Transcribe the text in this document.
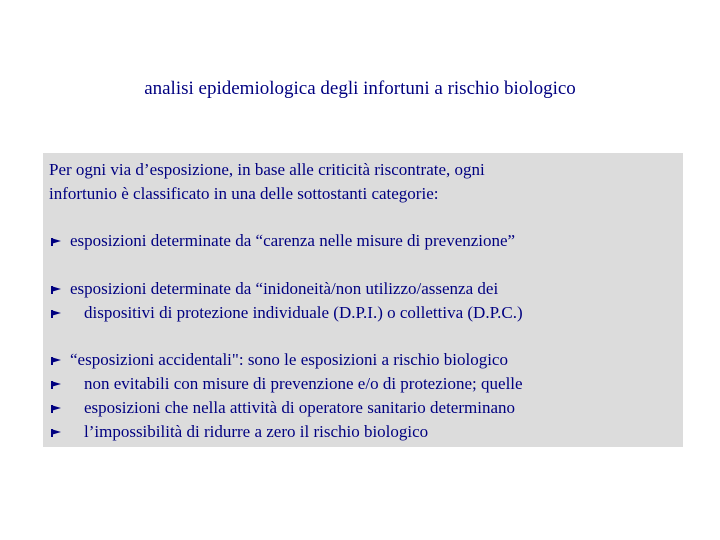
analisi epidemiologica degli infortuni a rischio biologico
Per ogni via d’esposizione, in base alle criticità riscontrate, ogni
infortunio è classificato in una delle sottostanti categorie:
esposizioni determinate da “carenza nelle misure di prevenzione”
esposizioni determinate da “inidoneità/non utilizzo/assenza dei
dispositivi di protezione individuale (D.P.I.) o collettiva (D.P.C.)
“esposizioni accidentali": sono le esposizioni a rischio biologico
non evitabili con misure di prevenzione e/o di protezione; quelle
esposizioni che nella attività di operatore sanitario determinano
l’impossibilità di ridurre a zero il rischio biologico
